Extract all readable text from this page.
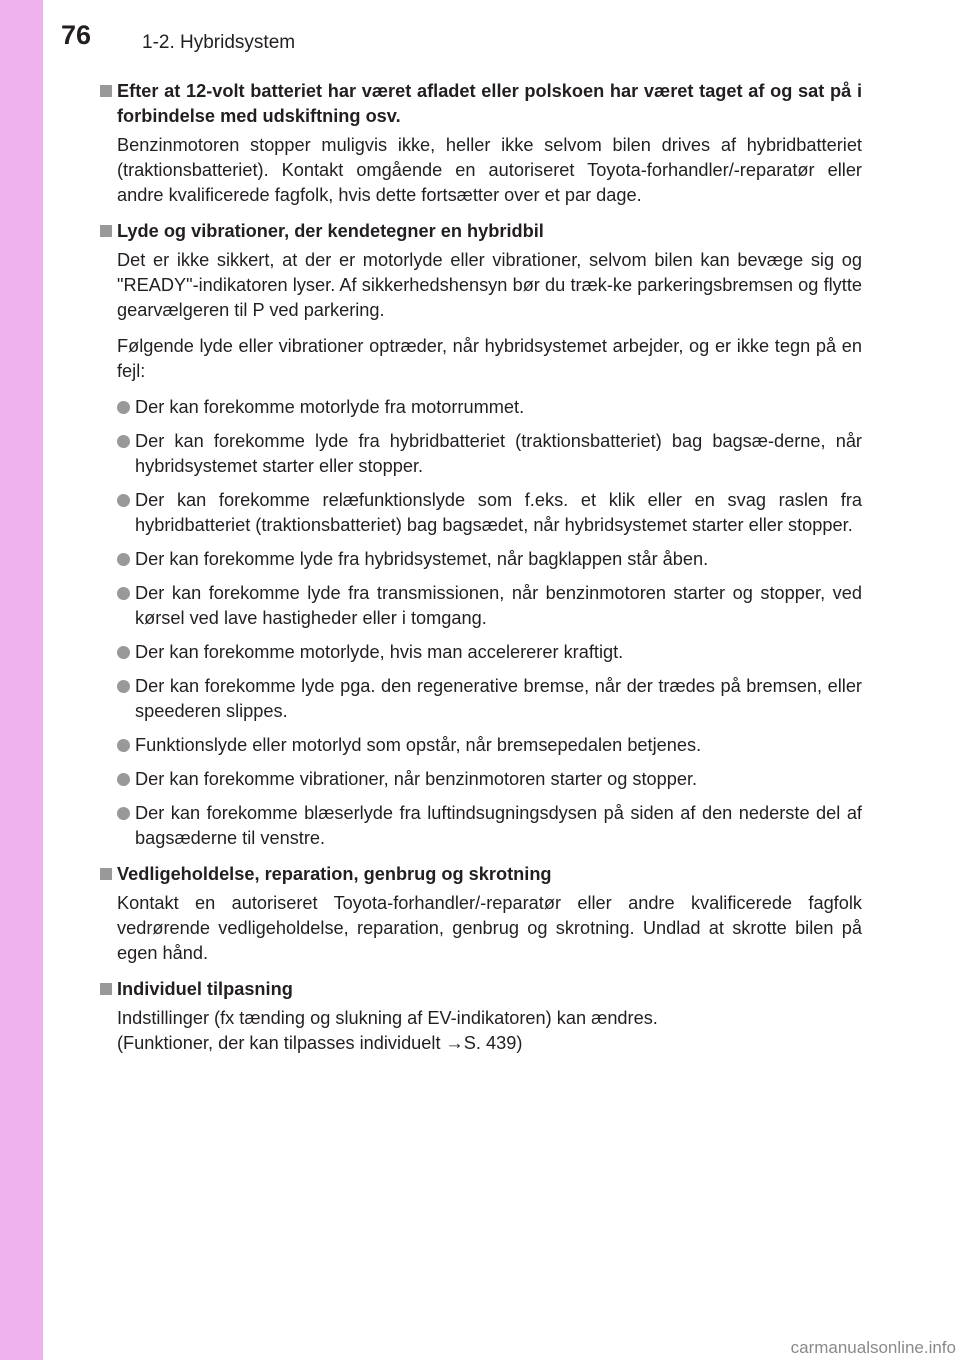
76	1-2. Hybridsystem
Efter at 12-volt batteriet har været afladet eller polskoen har været taget af og sat på i forbindelse med udskiftning osv.

Benzinmotoren stopper muligvis ikke, heller ikke selvom bilen drives af hybridbatteriet (traktionsbatteriet). Kontakt omgående en autoriseret Toyota-forhandler/-reparatør eller andre kvalificerede fagfolk, hvis dette fortsætter over et par dage.

Lyde og vibrationer, der kendetegner en hybridbil

Det er ikke sikkert, at der er motorlyde eller vibrationer, selvom bilen kan bevæge sig og "READY"-indikatoren lyser. Af sikkerhedshensyn bør du træk-ke parkeringsbremsen og flytte gearvælgeren til P ved parkering.

Følgende lyde eller vibrationer optræder, når hybridsystemet arbejder, og er ikke tegn på en fejl:

Der kan forekomme motorlyde fra motorrummet.
Der kan forekomme lyde fra hybridbatteriet (traktionsbatteriet) bag bagsæ-derne, når hybridsystemet starter eller stopper.
Der kan forekomme relæfunktionslyde som f.eks. et klik eller en svag raslen fra hybridbatteriet (traktionsbatteriet) bag bagsædet, når hybridsystemet starter eller stopper.
Der kan forekomme lyde fra hybridsystemet, når bagklappen står åben.
Der kan forekomme lyde fra transmissionen, når benzinmotoren starter og stopper, ved kørsel ved lave hastigheder eller i tomgang.
Der kan forekomme motorlyde, hvis man accelererer kraftigt.
Der kan forekomme lyde pga. den regenerative bremse, når der trædes på bremsen, eller speederen slippes.
Funktionslyde eller motorlyd som opstår, når bremsepedalen betjenes.
Der kan forekomme vibrationer, når benzinmotoren starter og stopper.
Der kan forekomme blæserlyde fra luftindsugningsdysen på siden af den nederste del af bagsæderne til venstre.
Vedligeholdelse, reparation, genbrug og skrotning

Kontakt en autoriseret Toyota-forhandler/-reparatør eller andre kvalificerede fagfolk vedrørende vedligeholdelse, reparation, genbrug og skrotning. Undlad at skrotte bilen på egen hånd.

Individuel tilpasning

Indstillinger (fx tænding og slukning af EV-indikatoren) kan ændres.
(Funktioner, der kan tilpasses individuelt →S. 439)

carmanualsonline.info
